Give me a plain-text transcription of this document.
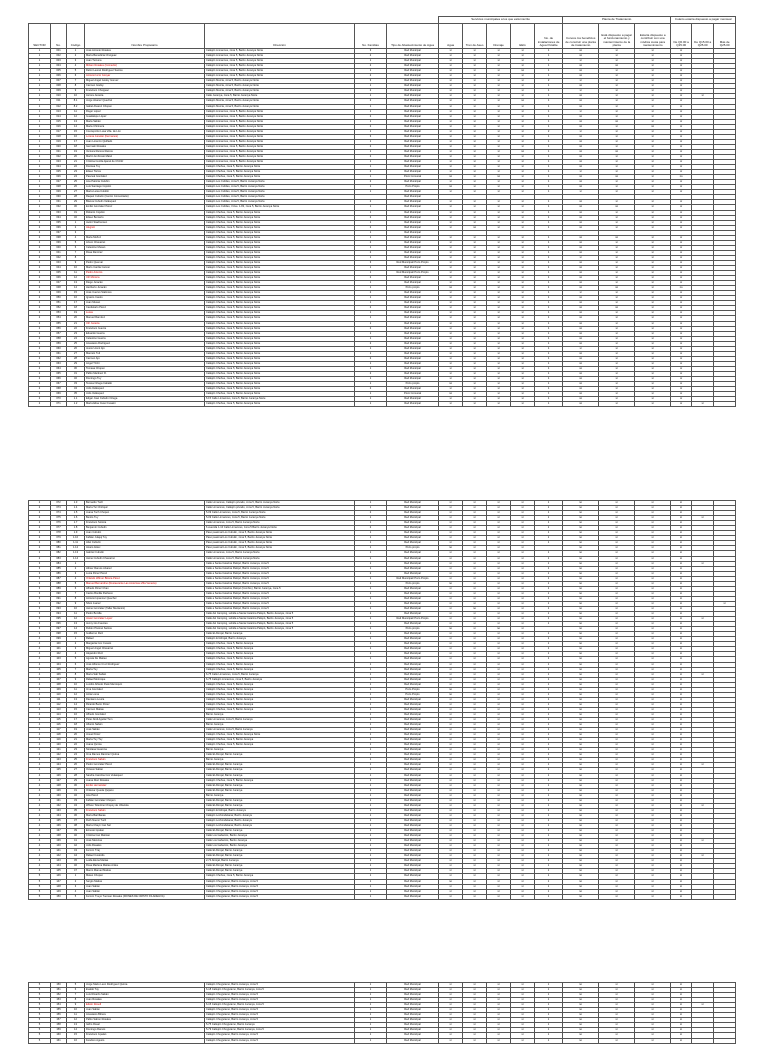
							Servicios municipales a los que está inscrito					Planta de Tratamiento			Cuánto estaría dispuesto a pagar mensual		
SECTOR	No.	Código	Nombre Propietario	Dirección	No. Familias	Tipo de Abastecimiento de Agua	Agua	Tren de Aseo	Drenaje	EEG	No. de instalaciones de Agua Potable	Conoce los beneficios de construir una planta de tratamiento	Está dispuesto a pagar el funcionamiento y mantenimiento de la planta	Estaría dispuesto a contribuir con una módica cuota para mantenimiento	De Q0.00 a Q15.00	De Q15.00 a Q25.00	Más de Q25.00
1	001	1	José Antonio Rosales	Callejón Linnannus, zona 5, Barrio Jucanya Norte	3	Red Municipal	sí	sí	sí	sí	1	no	sí	sí	sí		
1	002	2	María Benedicta Chuiguac	Callejón Linnannus, zona 5, Barrio Jucanya Norte	2	Red Municipal	sí	sí	sí	sí	1	no	sí	sí	sí		
1	003	3	Juan Tuicuna	Callejón Linnannus, zona 5, Barrio Jucanya Norte	1	Red Municipal	sí	sí	sí	sí	1	sí	sí	sí	sí		
1	004	4	Miriam Rosales (Comedor)	Callejón Linnannus, zona 5, Barrio Jucanya Norte	2	Red Municipal	sí	sí	sí	sí	1	no	no	sí	sí		
1	005	5	Delmi Leonel Rodríguez Santos	Callejón Linnannus, zona 5, Barrio Jucanya Norte	1	Red Municipal	sí	sí	sí	no	1	no	sí	sí	sí		
1	006	6	Antonio Ixcor Ixcoyar	Callejón Linnannus, zona 5, Barrio Jucanya Norte	2	Red Municipal	sí	sí	sí	sí	1	no	sí	sí	sí		
1	007	7	Miguel Ángel Godoy Gomez	Callejón Murcia, zona 5, Barrio Jucanya Norte	3	Red Municipal	sí	sí	sí	sí	2	sí	sí	sí	sí		
1	008	8	Carmen Godoy	Callejón Murcia, zona 5, Barrio Jucanya Norte	1	Red Municipal	sí	sí	sí	sí	1	no	sí	sí	sí		
1	009	9	Francisco Chuiguac	Callejón Murcia, zona 5, Barrio Jucanya Norte	2	Red Municipal	sí	sí	sí	sí	1	sí	sí	sí	sí		
1	010	10	Aurora Jucacia	Calle Jucanya, zona 5, Barrio Jucanya Norte	1	Red Municipal	sí	sí	sí	sí	1	no	sí	sí	sí	sí	
1	011	8.1	Jorge Alvarez Quechel	Callejón Murcia, zona 5, Barrio Jucanya Norte	2	Red Municipal	sí	sí	sí	no	1	no	sí	sí	sí		
1	012	8.2	Isabel Alvarez Chopen	Callejón Murcia, zona 5, Barrio Jucanya Norte	1	Red Municipal	sí	sí	sí	sí	1	no	sí	sí	sí		
1	013	11	Roger López	Callejón Linnannus, zona 5, Barrio Jucanya Norte	1	Red Municipal	sí	sí	sí	sí	1	sí	sí	sí	sí		
1	014	12	Guadalupe López	Callejón Linnannus, zona 5, Barrio Jucanya Norte	2	Red Municipal	sí	sí	sí	sí	1	no	sí	sí	sí		
1	015	13	Maria Sabán	Callejón Linnannus, zona 5, Barrio Jucanya Norte	1	Red Municipal	sí	sí	sí	sí	1	no	no	sí	sí		
1	016	14	Maria Chirineza	Callejón Linnannus, zona 5, Barrio Jucanya Norte	2	Red Municipal	sí	sí	sí	sí	1	no	sí	no	sí		
1	017	15	Concepción Lusa Vda. de Lón	Callejón Linnannus, zona 5, Barrio Jucanya Norte	1	Red Municipal	sí	sí	sí	sí	2	sí	sí	sí	sí		
1	018	16	Lorena Juracán (hermanos)	Callejón Linnannus, zona 5, Barrio Jucanya Norte	3	Red Municipal	sí	sí	sí	sí	1	no	sí	sí	sí		
1	019	17	Juan Lorenzo Quiñado	Callejón Linnannus, zona 5, Barrio Jucanya Norte	1	Red Municipal	sí	sí	sí	sí	1	no	sí	sí	sí		
1	020	18	Germain Rosales	Callejón Linnannus, zona 5, Barrio Jucanya Norte	2	Red Municipal	sí	sí	sí	sí	1	no	sí	sí	sí		
1	021	19	Ventura Ramos Ramos	Callejón Linnannus, zona 5, Barrio Jucanya Norte	1	Red Municipal	sí	sí	sí	no	1	no	no	sí	sí		
1	022	20	Martín Ambrosio Matul	Callejón Linnannus, zona 5, Barrio Jucanya Norte	2	Red Municipal	sí	sí	sí	sí	1	no	sí	sí	sí		
1	023	21	Cristina Cecilia Ajanel de Chiritiz	Callejón Linnannus, zona 5, Barrio Jucanya Norte	1	Red Municipal	sí	sí	sí	sí	1	no	sí	sí	sí		
1	024	22	Dorotea Tuy	Callejón Chehue, zona 5, Barrio Jucanya Norte	1	Red Municipal	sí	sí	sí	sí	1	no	sí	sí	sí		
1	025	23	Eliseo Torres	Callejón Chehue, zona 5, Barrio Jucanya Norte	2	Red Municipal	sí	sí	sí	sí	1	sí	sí	sí	sí		
1	026	24	Pascual Gonzalez	Callejón Chehue, zona 5, Barrio Jucanya Norte	1	Pozo Comunal	no	sí	no	sí	1	no	no	sí	no		
1	027	25	Ana Patricia Culubin	Callejón Los Cubiles, zona 5, Barrio Jucanya Norte	2	Red Municipal	sí	sí	sí	sí	1	no	sí	sí	sí		
1	028	26	Luis Santiago Cojulún	Callejón Los Cubiles, zona 5, Barrio Jucanya Norte	1	Pozo Propio	no	sí	sí	sí	1	no	sí	sí	sí		
1	029	27	María Luisa Culubin	Callejón Los Cubiles, zona 5, Barrio Jucanya Norte	1	Red Municipal	sí	sí	sí	sí	1	sí	sí	sí	sí		
1	030	28	Raquel Cubulin (Centro Comunitario)	Callejón Los Cubiles, zona 5, Barrio Jucanya Norte		Red Municipal											
1	031	29	Blanca Cubulin Velásquez	Callejón Los Cubiles, zona 5, Barrio Jucanya Norte	2	Red Municipal	sí	sí	sí	sí	1	no	sí	sí	sí		
1	032	30	Emilio Gonzalez Pérez	Callejón Los Cubiles, 3 Ave. 1-82, zona 5, Barrio Jucanya Norte	1	Red Municipal	sí	sí	sí	sí	1	no	no	sí	sí		
1	033	31	Roberto Cojulún	Callejón Chehue, zona 5, Barrio Jucanya Norte	1	Red Municipal	sí	sí	sí	sí	1	no	sí	sí	sí		
1	034	32	Eliseo Bercerto	Callejón Chehue, zona 5, Barrio Jucanya Norte	2	Red Municipal	sí	sí	sí	sí	1	no	sí	sí	sí		
2	035	1	Jacint Stachensen	Callejón Chehue, zona 5, Barrio Jucanya Norte	1	Red Municipal	sí	sí	sí	sí	1	no	sí	sí	sí		
2	036	2	Alegrett	Callejón Chehue, zona 5, Barrio Jucanya Norte	2	Red Municipal	sí	no	sí	sí	1	no	sí	sí	sí		
2	037	3		Callejón Chehue, zona 5, Barrio Jucanya Norte	1	Red Municipal											
2	038	4	Maria Muñoz	Callejón Chehue, zona 5, Barrio Jucanya Norte	1	Red Municipal	sí	sí	sí	sí	1	no	no	sí	sí		
2	039	5	Arturo Chavarret	Callejón Chehue, zona 5, Barrio Jucanya Norte	2	Red Municipal	sí	sí	sí	sí	1	no	sí	sí	sí		
2	040	6	Celestino Musan	Callejón Chehue, zona 5, Barrio Jucanya Norte	1	Red Municipal	sí	sí	sí	sí	1	no	sí	sí	sí		
2	041	7	Rosa Ramírez	Callejón Chehue, zona 5, Barrio Jucanya Norte	2	Red Municipal	sí	sí	sí	sí	1	no	sí	sí	sí		
2	042	8		Callejón Chehue, zona 5, Barrio Jucanya Norte	1	Red Municipal	sí	sí	sí	sí	1	sí	sí	sí	sí		
2	043	9	Pedro Quemar	Callejón Chehue, zona 5, Barrio Jucanya Norte	3	Red Municipal/ Pozo Propio	sí	sí	sí	sí	1	no	sí	sí	sí		
2	044	10	Mario Cardia Canner	Callejón Chehue, zona 5, Barrio Jucanya Norte	1	Red Municipal	sí	sí	sí	sí	1	no	sí	sí	sí		
2	045	11	Pedro Antonio	Callejón Chehue, zona 5, Barrio Jucanya Norte	1	Red Municipal/ Pozo Propio	sí	sí	sí	sí	1	no	sí	sí	sí		
2	046	12	Ulri Moriera	Callejón Chehue, zona 5, Barrio Jucanya Norte	2	Red Municipal	sí	sí	sí	sí	1	no	sí	sí	sí		
2	047	13	Diego Juracán	Callejón Chehue, zona 5, Barrio Jucanya Norte	1	Red Municipal	sí	sí	sí	sí	1	no	sí	sí	sí		
2	048	14	Heriberto Juracán	Callejón Chehue, zona 5, Barrio Jucanya Norte	1	Pozo propio	no	sí	sí	sí	1	no	no	sí	no		
2	049	15	José Cuervo Stalmore	Callejón Chehue, zona 5, Barrio Jucanya Norte	2	Red Municipal	sí	sí	sí	sí	1	sí	sí	sí	sí		
2	050	16	Ignacio Castro	Callejón Chehue, zona 5, Barrio Jucanya Norte	1	Red Municipal	sí	sí	sí	sí	1	no	sí	sí	sí		
2	051	17	Juan Musan	Callejón Chehue, zona 5, Barrio Jucanya Norte	1	Red Municipal	sí	sí	sí	sí	1	no	sí	sí	sí		
2	052	18	Candelario Pérez	Callejón Chehue, zona 5, Barrio Jucanya Norte	2	Red Municipal	sí	sí	sí	sí	1	no	no	sí	sí		
2	053	19	Lucas	Callejón Chehue, zona 5, Barrio Jucanya Norte	1	Red Municipal	sí	sí	sí	sí	1	no	sí	sí	sí		
2	054	20	Manuel Ramírez	Callejón Chehue, zona 5, Barrio Jucanya Norte	1	Red Municipal	sí	sí	sí	sí	1	no	sí	sí	sí		
2	055	21	Ulri Jucacia	Callejón Chehue, zona 5, Barrio Jucanya Norte	1	Red Municipal	sí	sí	sí	sí	1	no	sí	sí	sí		
2	056	22	Francisco Guerra	Callejón Chehue, zona 5, Barrio Jucanya Norte	2	Red Municipal	sí	sí	sí	sí	1	no	sí	sí	sí		
2	057	23	Eduardo Guerra	Callejón Chehue, zona 5, Barrio Jucanya Norte	1	Red Municipal	sí	sí	sí	sí	1	no	sí	sí	sí		
2	058	24	Celestino Guerra	Callejón Chehue, zona 5, Barrio Jucanya Norte	1	Red Municipal	sí	sí	sí	sí	1	no	sí	sí	sí		
2	059	25	Anastasio Rodríguez	Callejón Chehue, zona 5, Barrio Jucanya Norte	2	Red Municipal	sí	sí	sí	sí	1	no	sí	sí	sí		
2	060	26	Jesús Ucent Ajú	Callejón Chehue, zona 5, Barrio Jucanya Norte	1	Red Municipal	sí	sí	sí	sí	1	sí	sí	sí	sí		
2	061	27	Marcelo Tuli	Callejón Chehue, zona 5, Barrio Jucanya Norte	1	Red Municipal	sí	sí	sí	sí	1	no	sí	sí	sí		
2	062	28	Carmen Ajú	Callejón Chehue, zona 5, Barrio Jucanya Norte	2	Red Municipal	sí	sí	sí	sí	1	no	sí	sí	sí		
2	063	29	Ángel Tziriri	Callejón Chehue, zona 5, Barrio Jucanya Norte	1	Red Municipal	sí	sí	sí	sí	1	no	sí	sí	sí		
2	064	30	Tomasa Chopen	Callejón Chehue, zona 5, Barrio Jucanya Norte	1	Red Municipal	sí	sí	sí	sí	1	no	sí	sí	sí		
2	065	31	Pablo Martinez R.	Callejón Chehue, zona 5, Barrio Jucanya Norte	2	Red Municipal	sí	sí	sí	sí	1	no	sí	sí	sí		
2	066	32	Domingo Tuy	Callejón Chehue, zona 5, Barrio Jucanya Norte	1	Red Municipal	sí	sí	sí	sí	1	no	sí	sí	sí		
2	067	33	Teresa Ortega Caballo	Callejón Chehue, zona 5, Barrio Jucanya Norte	1	Pozo propio	no	sí	sí	sí	1	no	sí	sí	sí		
2	068	34	Julio Velásquez	Callejón Chehue, zona 5, Barrio Jucanya Norte	2	Red Municipal	sí	sí	sí	sí	1	no	sí	sí	sí		
2	069	35	Julio Velásquez	Callejón Chehue, zona 5, Barrio Jucanya Norte	1	Pozo Comunal	no	sí	sí	sí	1	no	sí	sí	sí		
2	070	1.1	Edgar José Cubulin Ortega	6.15 Calle Linnannus, zona 5, Barrio Jucanya Norte	1	Red Municipal	sí	sí	sí	sí	1	no	sí	sí	sí		
2	071	1.2	María Elisa Cusel Cusaini	Callejón Chehue, zona 5, Barrio Jucanya Norte	1	Red Municipal	sí	sí	sí	sí	1	no	sí	sí	sí	sí	
2	072	1.3	Bernardo Tuch	Calle Linnannus, Callejón privado, zona 5, Barrio Jucanya Norte	1	Red Municipal	sí	sí	sí	sí	1	no	sí	sí	sí		
2	073	1.4	María Tuí Chiriquic	Calle Linnannus, Callejón privado, zona 5, Barrio Jucanya Norte	1	Red Municipal	sí	sí	sí	sí	1	no	sí	sí	sí		
2	074	1.5	Juana Tuch Chopen	5-09 Calle Linnannus, zona 5, Barrio Jucanya Norte	2	Red Municipal	sí	sí	sí	sí	1	no	sí	sí	sí		
2	075	1.6	Benito Tuy	5-09 Calle Linnannus, zona 5, Barrio Jucanya Norte	1	Red Municipal	sí	sí	sí	sí	1	no	sí	sí	sí	sí	
2	076	1.7	Francisco Sotoria	Calle Linnannus, zona 5, Barrio Jucanya Norte	1	Red Municipal	sí	sí	sí	sí	1	no	sí	sí	sí		
2	077	1.8	Benjamín Cubulin	6 avenida 1-10 Calle Linnannus, zona 5 Barrio Jucanya Norte	2	Red Municipal	sí	sí	sí	sí	1	no	sí	sí	sí		
2	078	1.9	Juan Cubulin	Paso peatonal Los Cubulin, zona 5, Barrio Jucanya Norte	1	Red Municipal	sí	sí	sí	sí	1	no	sí	sí	sí		
2	079	1.10	Fabián Julajuj Tuy	Paso peatonal Los Cubulin, zona 5, Barrio Jucanya Norte	1	Red Municipal	sí	sí	sí	sí	1	no	sí	sí	sí		
2	080	1.11	Abel Cubulin	Paso peatonal Los Cubulin, zona 5, Barrio Jucanya Norte	1	Red Municipal	sí	sí	sí	sí	1	no	sí	sí	sí		
2	081	1.12	Álvaro Atitec	Paso peatonal Los Cubulin, zona 5, Barrio Jucanya Norte	1	Pozo propio	no	sí	sí	sí		no	sí	sí	sí		
2	082	1.13	Gabriel Cubulin	Calle Linnannus, zona 5, Barrio Jucanya Norte	1	Red Municipal	sí	sí	sí	sí	1	no	sí	sí	sí		
2	083	1.14	Jaime Cubulin Chavarrat	Calle Linnannus, zona 5, Barrio Jucanya Norte	1	Red Municipal	sí	sí	sí	sí	1	no	sí	sí	sí		
3	084	1		Calle a Santa Catarina Palopó, Barrio Jucanya, zona 5	1	Red Municipal	sí	sí	sí	sí	1	no	sí	sí	sí	sí	
3	085	2	Hilmer Ramos Álvarez	Calle a Santa Catarina Palopó, Barrio Jucanya, zona 5	1	Red Municipal	sí	sí	sí	sí	1	no	sí	sí	sí		
3	086	3	Lucia Pérez Pérez	Calle a Santa Catarina Palopó, Barrio Jucanya, zona 5	2	Red Municipal	sí	sí	sí	sí	1	no	sí	sí	sí		
3	087	4	Orlando Wilmer Bitrera Pérez	Calle a Santa Catarina Palopó, Barrio Jucanya, zona 5	1	Red Municipal/ Pozo Propio	sí	sí	sí	sí	1	no	sí	sí	sí		
3	088	5	Manuel Bernardino (Restaurante Las Américas-Villa Venecia)	Calle a Santa Catarina Palopó, Barrio Jucanya, zona 5	1	Pozo propio	no	sí	sí	sí	1	no	sí	sí	sí		
3	089	6	Alfredo Pérez Chan	Calle a Santa Catarina Palopó (Cumbre), Barrio Jucanya, zona 5	1	Red Municipal	sí	sí	sí	sí	1	no	sí	sí	sí		
3	090	7	Carlos Bonilla Pacheco	Calle a Santa Catarina Palopó, Barrio Jucanya, zona 5	1	Red Municipal	sí	sí	sí	sí	1	no	sí	sí	sí		
3	091	8	Antonio Ixpancoc Quechel	Calle a Santa Catarina Palopó, Barrio Jucanya, zona 5	1	Red Municipal	sí	sí	sí	sí	1	no	sí	sí	sí		
3	092	9	Silvio Juarez	Calle a Santa Catarina Palopó, Barrio Jucanya, zona 5	1	Red Municipal	sí	sí	sí	sí	1	no	sí	sí	sí		sí
3	093	10	Jaime Gonzalez (Taller Mecánico)	Calle a Santa Catarina Palopó, Barrio Jucanya, zona 5	1	Red Municipal	sí	no	sí	sí	1	no	sí	sí	sí		
3	094	11	Pedro Bonilla	Calle del Camping, subida a Santa Catarina Palopó, Barrio Jucanya, zona 5	1	Red Municipal	sí	sí	sí	sí	1	no	sí	sí	sí		
3	095	12	Javier Gonzalez Lopez	Calle del Camping, subida a Santa Catarina Palopó, Barrio Jucanya, zona 5	1	Red Municipal/ Pozo Propio	sí	sí	sí	sí	1	no	sí	sí	sí	sí	
3	096	13	Jenny Ivis Fuentes	Calle del Camping, subida a Santa Catarina Palopó, Barrio Jucanya, zona 5	1	Red Municipal	sí	sí	sí	sí	1	no	sí	sí	sí		
3	097	14	Rubén Pistoné Santos	Calle del Camping, subida a Santa Catarina Palopó, Barrio Jucanya, zona 5	1	Pozo propio	no	sí	no	sí		no	sí	sí	sí		
3	098	15	Guillermo Ruiz	Calle El Abrojal, Barrio Jucanya	1	Red Municipal	sí	sí	sí	sí	1	no	sí	sí	sí		
4	099	1	Rafael	Callejón El Abrojal, Barrio Jucanya	1	Red Municipal	sí	sí	sí	sí	1	no	sí	sí	sí		
4	100	2	Margarita Cox Cuxeto	Callejón Chehue, zona 5, Barrio Jucanya	1	Red Municipal	sí	sí	sí	sí	1	no	sí	sí	sí		
4	101	3	Miguel Ángel Chavarret	Callejón Chehue, zona 5, Barrio Jucanya	1	Red Municipal	sí	sí	sí	sí	1	no	sí	sí	sí		
4	102	4	Alejandro Ruiz	Callejón Chehue, zona 5, Barrio Jucanya	1	Red Municipal	sí	sí	sí	sí	1	no	sí	sí	sí		
4	103	5	Agusta De Matteo	Callejón Chehue, zona 5, Barrio Jucanya	1	Red Municipal	sí	sí	sí	sí	1	no	sí	sí	sí		
4	104	6	José Alfonso Cruz Rodriguez	Callejón Chehue, zona 5, Barrio Jucanya	1	Red Municipal	sí	sí	sí	sí	1	no	sí	sí	sí		
4	105	7	Marta Tuy	Callejón Chehue, zona 5, Barrio Jucanya	1	Red Municipal	sí	sí	sí	sí	1	no	sí	sí	sí		
4	106	8	María Sab Sabán	6-75 Calle Linnannus, zona 5, Barrio Jucanya	1	Red Municipal	sí	sí	sí	sí	1	no	sí	sí	sí	sí	
4	107	9	Rafael Morroque	6-75 Callejón Linnannus, zona 5, Barrio Jucanya	1	Red Municipal	sí	sí	sí	sí	1	no	sí	sí	sí		
4	108	10	Lucidio Alfredo Paok Marroquín	Callejón Chehue, zona 5, Barrio Jucanya	1	Red Municipal	sí	sí	sí	sí	1	no	sí	sí	sí		
4	109	11	Irma Gonzalez	Callejón Chehue, zona 5, Barrio Jucanya	1	Pozo Propio	no	sí	sí	sí	1	no	sí	sí	sí		
4	110	12	Anita Loma	Callejón Chehue, zona 5, Barrio Jucanya	1	Pozo Propio	no	sí	sí	sí	1	no	sí	sí	sí		
4	111	13	Damiano Louza	Callejón Chehue, zona 5, Barrio Jucanya	1	Red Municipal	sí	sí	sí	sí	1	no	sí	sí	sí		
4	112	14	Ricardo Barro Pérez	Callejón Chehue, zona 5, Barrio Jucanya	1	Red Municipal	sí	sí	sí	sí	1	no	sí	sí	sí		
4	113	15	Carmen Matías	Callejón Chehue, zona 5, Barrio Jucanya	1	Red Municipal	sí	sí	sí	sí	1	no	sí	sí	sí		
4	114	16	Alfredo Gonzalez	Barrio Jucanya	1	Red Municipal	sí	sí	sí	sí	1	no	sí	sí	sí		
4	115	17	Peter Abdi Aguilar Tum	Calle Linnannus, zona 5, Barrio Jucanya	1	Red Municipal	sí	sí	sí	sí	1	no	sí	sí	sí		
4	116	18	Alberto Sabán	Barrio Jucanya	1	Red Municipal	sí	sí	sí	sí	1	no	sí	sí	sí		
4	117	19	José Sabán	Calle Linnannus, zona 5, Barrio Jucanya	1	Red Municipal	sí	sí	sí	sí	1	no	sí	sí	sí		
4	118	20	Josué Pérez	Callejón Chehue, zona 5, Barrio Jucanya Norte	1	Red Municipal	sí	sí	sí	sí	1	no	sí	sí	sí		
4	119	21	Marta Tuy Tuy	Callejón Chehue, zona 5, Barrio Jucanya	1	Red Municipal	sí	sí	sí	sí	1	no	sí	sí	sí		
4	120	22	Juana Quiroa	Callejón Chehue, zona 5, Barrio Jucanya	1	Red Municipal	sí	sí	sí	sí	1	no	sí	sí	sí		
4	121	23	Nicolasa Guarona	Barrio Jucanya	1	Red Municipal	sí	sí	sí	sí	1	no	sí	sí	sí		
4	122	24	Irma Ramos Ramírez Quiroa	Calle El Abrojal, Barrio Jucanya	1	Red Municipal	sí	sí	sí	sí	1	no	sí	sí	sí		
4	123	25	Francisco Sabán	Barrio Jucanya	1	Red Municipal	sí	sí	sí	sí	1	no	sí	sí	sí		
4	124	26	Pedro Gonzalez Pérez	Calle El Abrojal, Barrio Jucanya	1	Red Municipal	sí	sí	sí	sí	1	no	sí	sí	sí	sí	
4	125	27	Octavio Sabán	Calle El Abrojal, Barrio Jucanya	1	Red Municipal	sí	sí	sí	sí	1	no	sí	sí	sí		
4	126	28	Sandra Carolina Cox Velasquez	Calle El Abrojal, Barrio Jucanya	1	Red Municipal	sí	sí	sí	sí	1	no	sí	sí	sí		
4	127	29	Juana Diaz Rosales	Callejón Chehue, zona 5, Barrio Jucanya	1	Red Municipal	sí	sí	sí	sí	1	no	sí	sí	sí		
4	128	30	Emilio Hernández	Calle El Abrojal, Barrio Jucanya	1	Red Municipal	sí	sí	sí	sí	1	no	sí	sí	sí		
4	129	31	Ordenar Queda Quijano	Calle El Abrojal, Barrio Jucanya	1	Red Municipal	sí	sí	sí	sí	1	no	sí	sí	sí		
4	130	32	Ana Pérez	Barrio Jucanya	1	Red Municipal	sí	sí	sí	sí	1	no	sí	sí	sí		
4	131	33	Fabián Gonzalez Chopen	Calle El Abrojal, Barrio Jucanya	1	Red Municipal	sí	sí	sí	sí	1	no	sí	sí	sí		
4	132	34	Wilson Tolentino Chopoy de Ulloviola	Calle El Abrojal, Barrio Jucanya	1	Red Municipal	sí	sí	sí	sí	1	no	sí	sí	sí	sí	
4	133	35	Francisco Sabán	Callejón El Abrojal, Barrio Jucanya	1	Red Municipal	sí	sí	sí	sí	1	no	sí	sí	sí		
4	134	36	María Barrillanas	Callejón Lochondelanar, Barrio Jucanya	1	Red Municipal	sí	sí	sí	sí	1	no	sí	sí	sí		
4	135	37	Ruth Noemí Tuch	Callejón Lochondelanar, Barrio Jucanya	1	Red Municipal	sí	sí	sí	sí	1	no	sí	sí	sí		
4	136	38	María Chayn Cac Sal	Callejón Lochondelanar, Barrio Jucanya	1	Red Municipal	sí	sí	sí	sí	1	no	sí	sí	sí		
4	137	39	Ernesto Ixpalan	Calle El Abrojal, Barrio Jucanya	1	Red Municipal	sí	sí	sí	sí	1	no	sí	sí	sí		
4	138	40	Cristina Cac Matícan	Calle Los Gabarros, Barrio Jucanya	1	Red Municipal	sí	sí	sí	sí	1	no	sí	sí	sí		
4	139	41	José Mencías	Calle Los Gabarros, Barrio Jucanya	1	Red Municipal	sí	sí	sí	sí	1	no	sí	sí	sí	sí	
4	140	42	Julio Rosales	Calle Los Gabarros, Barrio Jucanya	1	Red Municipal	sí	sí	sí	sí	1	no	sí	sí	sí		
4	141	43	Fermín Tzaj	Calle El Abrojal, Barrio Jucanya	1	Red Municipal	sí	sí	sí	sí	1	no	sí	sí	sí		
4	142	44	Rafael Custodio	Calle El Abrojal, Barrio Jucanya	1	Red Municipal	sí	sí	sí	sí	1	no	sí	sí	sí	sí	
4	143	45	Leida Elena Matías	2-74 Abrojal, Barrio Jucanya	1	Red Municipal	sí	sí	sí	sí	1	no	sí	sí	sí		
4	144	46	Rosa Marlena Matías Ardeu	Calle El Abrojal, Barrio Jucanya	1	Red Municipal	sí	sí	sí	sí	1	no	sí	sí	sí		
4	145	47	Marco Manuel Matías	Calle El Abrojal, Barrio Jucanya	1	Red Municipal	sí	sí	sí	sí	1	no	sí	sí	sí		
5	146	1	Mateo Chopen	Callejón Chehue, zona 5, Barrio Jucanya	1	Red Municipal	sí	sí	sí	sí	1	no	sí	sí	sí		
5	147	2	Sergio Matías	Callejón Chuyjutamo, Barrio Jucanya, zona 5	1	Red Municipal	no	sí	sí	sí	1	no	sí	sí	sí		
5	148	3	Juan Sabán	Callejón Chuyjutamo, Barrio Jucanya, zona 5	1	Red Municipal	sí	sí	sí	sí	1	no	sí	sí	sí		
5	149	4	Juan Sabán	Callejón Chuyjutamo, Barrio Jucanya, zona 5	1	Red Municipal	sí	sí	sí	sí	1	no	sí	sí	sí		
5	150	5	Fermín Txuyo Tuoman Rosales (DIOSES DE CRISTO FILADELFIA)	Callejón Chuyjutamo, Barrio Jucanya, zona 5	1	Red Municipal	sí	sí	sí	sí	1	no	sí	sí	sí		
5	150	5	Jorge Mario Leon Rodríguez Quiroa	Callejón Chuyjutamo, Barrio Jucanya, zona 5	1	Red Municipal	sí	sí	sí	sí	1	no	sí	sí	sí		
5	151	6	Evaldo Tuy	6-18 Callejón Chuyjutamo, Barrio Jucanya, zona 5	1	Red Municipal	sí	sí	sí	sí	1	no	sí	sí	sí		
5	152	7	Luis Ricardo Sabán	Callejón Chuyjutamo, Barrio Jucanya, zona 5	1	Red Municipal	sí	sí	sí	sí	1	no	sí	sí	sí		
5	153	8	Juan Rosales	Callejón Chuyjutamo, Barrio Jucanya, zona 5	1	Red Municipal	sí	sí	sí	sí	1	no	sí	sí	sí		
5	154	9	Edwin Rosell	6-15 Callejón Chuyjutamo, Barrio Jucanya, zona 5	1	Red Municipal	sí	sí	sí	sí	1	no	sí	sí	sí	sí	
5	155	10	Juan Sabán	Callejón Chuyjutamo, Barrio Jucanya, zona 5	1	Red Municipal	sí	sí	sí	sí	1	no	sí	sí	sí		
5	156	11	Anastasio Bitrera	Callejón Chuyjutamo, Barrio Jucanya, zona 5	1	Red Municipal	sí	sí	sí	sí	1	no	sí	sí	sí		
5	157	12	Pablo Sabon Rosales	Callejón Chuyjutamo, Barrio Jucanya, zona 5	1	Red Municipal	sí	sí	sí	sí	1	no	sí	sí	sí		
5	158	13	Isidro Rosal	5-75 Callejón Chuyjutamo, Barrio Jucanya	1	Red Municipal	sí	sí	sí	sí	1	no	sí	sí	sí		
5	159	14	Domingo Ramos	5-79 Callejón Chuyjutamo, Barrio Jucanya, zona 5	1	Red Municipal	sí	sí	sí	sí	1	no	sí	sí	sí		
5	160	15	Francisco Ixpalan	Callejón Chuyjutamo, Barrio Jucanya, zona 5	1	Red Municipal	sí	sí	sí	sí	1	no	sí	sí	sí		
5	161	16	Feodoro Agusto	Callejón Chuyjutamo, Barrio Jucanya, zona 5	1	Red Municipal	sí	sí	sí	sí	1	no	sí	sí	sí		
